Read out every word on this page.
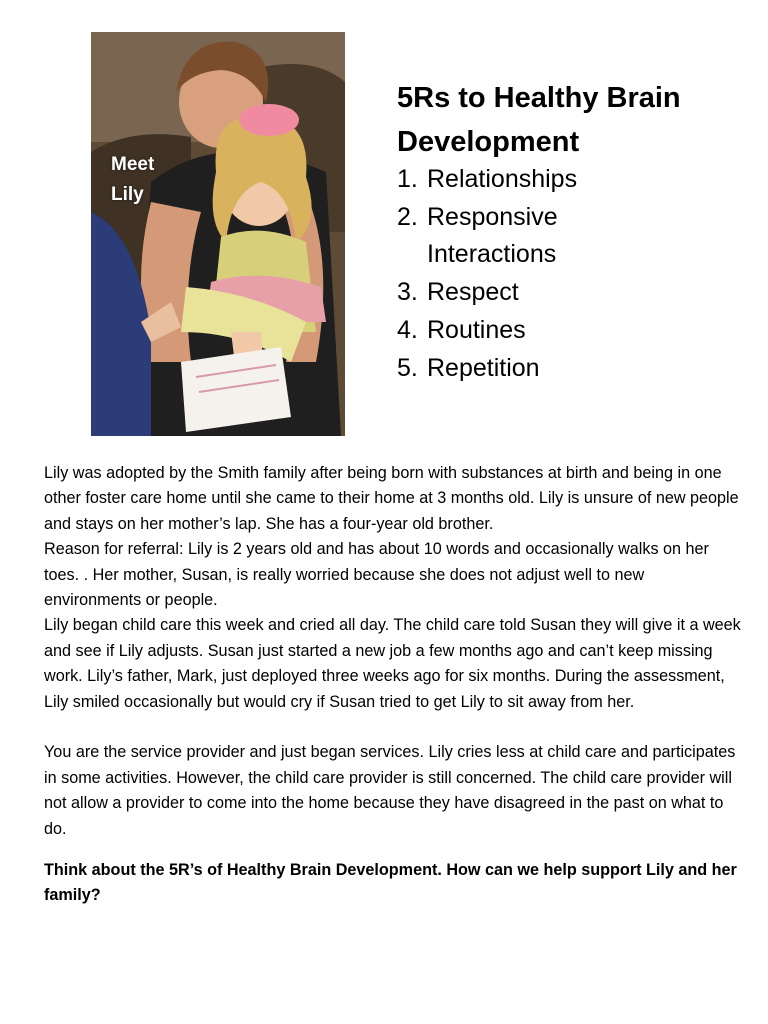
Meet
Lily
5Rs to Healthy Brain
Development
1. Relationships
2. Responsive Interactions
3. Respect
4. Routines
5. Repetition

Lily was adopted by the Smith family after being born with substances at birth and being in one other foster care home until she came to their home at 3 months old. Lily is unsure of new people and stays on her mother’s lap. She has a four-year old brother.

Reason for referral: Lily is 2 years old and has about 10 words and occasionally walks on her toes. . Her mother, Susan, is really worried because she does not adjust well to new environments or people.

Lily began child care this week and cried all day. The child care told Susan they will give it a week and see if Lily adjusts. Susan just started a new job a few months ago and can’t keep missing work. Lily’s father, Mark, just deployed three weeks ago for six months. During the assessment, Lily smiled occasionally but would cry if Susan tried to get Lily to sit away from her.

You are the service provider and just began services. Lily cries less at child care and participates in some activities. However, the child care provider is still concerned. The child care provider will not allow a provider to come into the home because they have disagreed in the past on what to do.

Think about the 5R’s of Healthy Brain Development. How can we help support Lily and her family?
